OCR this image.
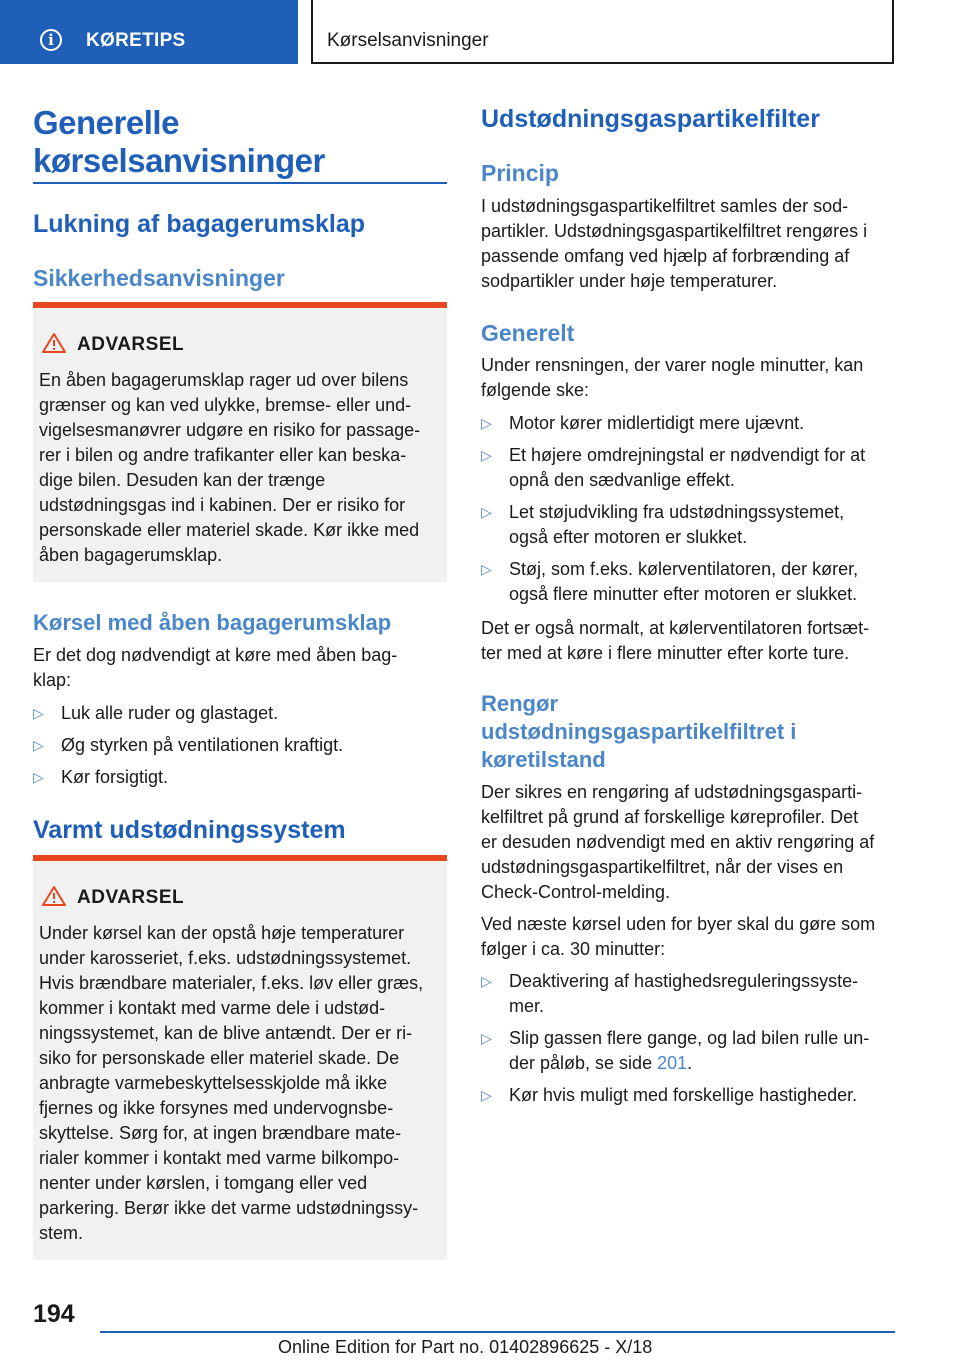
i	KØRETIPS	Kørselsanvisninger
Generelle
kørselsanvisninger
Lukning af bagagerumsklap
Sikkerhedsanvisninger
ADVARSEL

En åben bagagerumsklap rager ud over bilens
grænser og kan ved ulykke, bremse- eller und-
vigelsesmanøvrer udgøre en risiko for passage-
rer i bilen og andre trafikanter eller kan beska-
dige bilen. Desuden kan der trænge
udstødningsgas ind i kabinen. Der er risiko for
personskade eller materiel skade. Kør ikke med
åben bagagerumsklap.

Kørsel med åben bagagerumsklap

Er det dog nødvendigt at køre med åben bag-
klap:

▷ Luk alle ruder og glastaget.
▷ Øg styrken på ventilationen kraftigt.
▷ Kør forsigtigt.
Varmt udstødningssystem
ADVARSEL

Under kørsel kan der opstå høje temperaturer
under karosseriet, f.eks. udstødningssystemet.
Hvis brændbare materialer, f.eks. løv eller græs,
kommer i kontakt med varme dele i udstød-
ningssystemet, kan de blive antændt. Der er ri-
siko for personskade eller materiel skade. De
anbragte varmebeskyttelsesskjolde må ikke
fjernes og ikke forsynes med undervognsbe-
skyttelse. Sørg for, at ingen brændbare mate-
rialer kommer i kontakt med varme bilkompo-
nenter under kørslen, i tomgang eller ved
parkering. Berør ikke det varme udstødningssy-
stem.

Udstødningsgaspartikelfilter
Princip

I udstødningsgaspartikelfiltret samles der sod-
partikler. Udstødningsgaspartikelfiltret rengøres i
passende omfang ved hjælp af forbrænding af
sodpartikler under høje temperaturer.

Generelt

Under rensningen, der varer nogle minutter, kan
følgende ske:

▷ Motor kører midlertidigt mere ujævnt.
▷ Et højere omdrejningstal er nødvendigt for at
opnå den sædvanlige effekt.
▷ Let støjudvikling fra udstødningssystemet,
også efter motoren er slukket.
▷ Støj, som f.eks. kølerventilatoren, der kører,
også flere minutter efter motoren er slukket.

Det er også normalt, at kølerventilatoren fortsæt-
ter med at køre i flere minutter efter korte ture.

Rengør
udstødningsgaspartikelfiltret i
køretilstand

Der sikres en rengøring af udstødningsgasparti-
kelfiltret på grund af forskellige køreprofiler. Det
er desuden nødvendigt med en aktiv rengøring af
udstødningsgaspartikelfiltret, når der vises en
Check-Control-melding.

Ved næste kørsel uden for byer skal du gøre som
følger i ca. 30 minutter:

▷ Deaktivering af hastighedsreguleringssyste-
mer.
▷ Slip gassen flere gange, og lad bilen rulle un-
der påløb, se side 201.
▷ Kør hvis muligt med forskellige hastigheder.
194
Online Edition for Part no. 01402896625 - X/18
